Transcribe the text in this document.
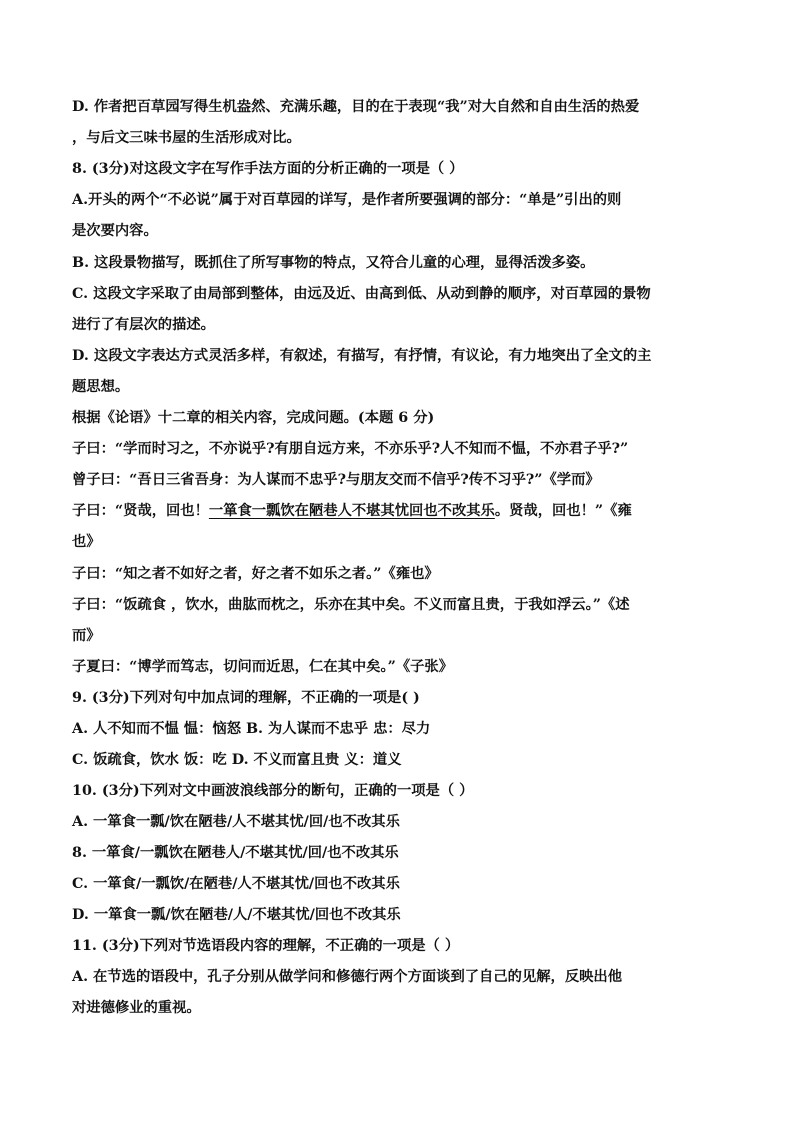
D. 作者把百草园写得生机盎然、充满乐趣，目的在于表现“我”对大自然和自由生活的热爱
，与后文三味书屋的生活形成对比。
8. (3分)对这段文字在写作手法方面的分析正确的一项是（ ）
A.开头的两个“不必说”属于对百草园的详写，是作者所要强调的部分：“单是”引出的则
是次要内容。
B. 这段景物描写，既抓住了所写事物的特点，又符合儿童的心理，显得活泼多姿。
C. 这段文字采取了由局部到整体，由远及近、由高到低、从动到静的顺序，对百草园的景物
进行了有层次的描述。
D. 这段文字表达方式灵活多样，有叙述，有描写，有抒情，有议论，有力地突出了全文的主
题思想。
根据《论语》十二章的相关内容，完成问题。(本题 6 分)
子曰：“学而时习之，不亦说乎?有朋自远方来，不亦乐乎?人不知而不愠，不亦君子乎?”
曾子曰：“吾日三省吾身：为人谋而不忠乎?与朋友交而不信乎?传不习乎?”《学而》
子曰：“贤哉，回也！一箪食一瓢饮在陋巷人不堪其忧回也不改其乐。贤哉，回也！”《雍
也》
子曰：“知之者不如好之者，好之者不如乐之者。”《雍也》
子曰：“饭疏食 ，饮水，曲肱而枕之，乐亦在其中矣。不义而富且贵，于我如浮云。”《述
而》
子夏曰：“博学而笃志，切问而近思，仁在其中矣。”《子张》
9. (3分)下列对句中加点词的理解，不正确的一项是( )
A. 人不知而不愠 愠：恼怒 B. 为人谋而不忠乎 忠：尽力
C. 饭疏食，饮水 饭：吃 D. 不义而富且贵 义：道义
10. (3分)下列对文中画波浪线部分的断句，正确的一项是（ ）
A. 一箪食一瓢/饮在陋巷/人不堪其忧/回/也不改其乐
8. 一箪食/一瓢饮在陋巷人/不堪其忧/回/也不改其乐
C. 一箪食/一瓢饮/在陋巷/人不堪其忧/回也不改其乐
D. 一箪食一瓢/饮在陋巷/人/不堪其忧/回也不改其乐
11. (3分)下列对节选语段内容的理解，不正确的一项是（ ）
A. 在节选的语段中，孔子分别从做学问和修德行两个方面谈到了自己的见解，反映出他
对进德修业的重视。
